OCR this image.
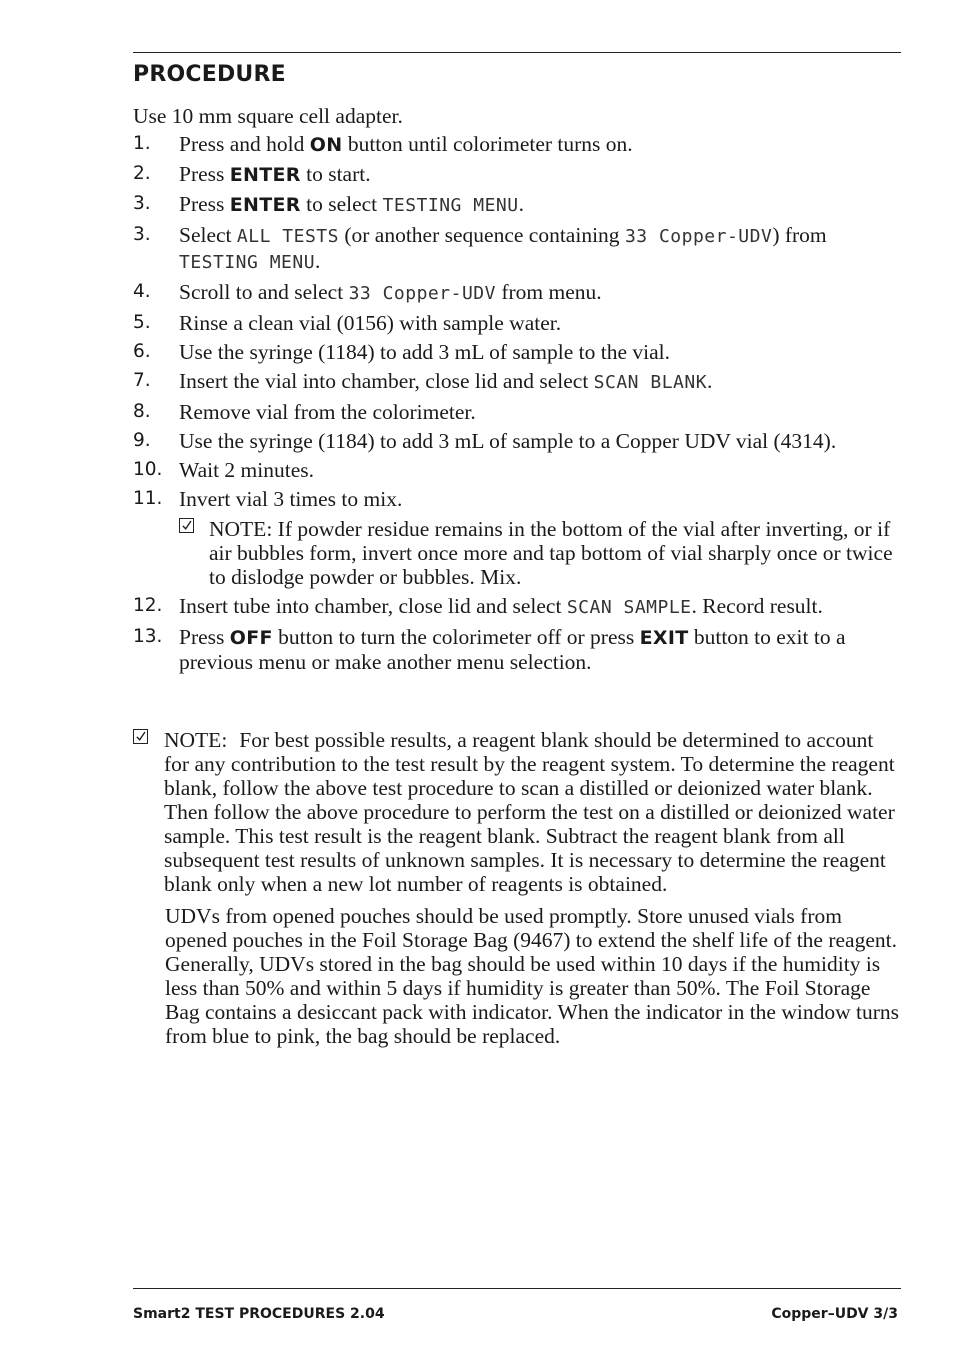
PROCEDURE

Use 10 mm square cell adapter.

1. Press and hold ON button until colorimeter turns on.
2. Press ENTER to start.
3. Press ENTER to select TESTING MENU.
3. Select ALL TESTS (or another sequence containing 33 Copper-UDV) from TESTING MENU.
4. Scroll to and select 33 Copper-UDV from menu.
5. Rinse a clean vial (0156) with sample water.
6. Use the syringe (1184) to add 3 mL of sample to the vial.
7. Insert the vial into chamber, close lid and select SCAN BLANK.
8. Remove vial from the colorimeter.
9. Use the syringe (1184) to add 3 mL of sample to a Copper UDV vial (4314).
10. Wait 2 minutes.
11. Invert vial 3 times to mix.
NOTE: If powder residue remains in the bottom of the vial after inverting, or if air bubbles form, invert once more and tap bottom of vial sharply once or twice to dislodge powder or bubbles. Mix.
12. Insert tube into chamber, close lid and select SCAN SAMPLE. Record result.
13. Press OFF button to turn the colorimeter off or press EXIT button to exit to a previous menu or make another menu selection.

NOTE: For best possible results, a reagent blank should be determined to account for any contribution to the test result by the reagent system. To determine the reagent blank, follow the above test procedure to scan a distilled or deionized water blank. Then follow the above procedure to perform the test on a distilled or deionized water sample. This test result is the reagent blank. Subtract the reagent blank from all subsequent test results of unknown samples. It is necessary to determine the reagent blank only when a new lot number of reagents is obtained.

UDVs from opened pouches should be used promptly. Store unused vials from opened pouches in the Foil Storage Bag (9467) to extend the shelf life of the reagent. Generally, UDVs stored in the bag should be used within 10 days if the humidity is less than 50% and within 5 days if humidity is greater than 50%. The Foil Storage Bag contains a desiccant pack with indicator. When the indicator in the window turns from blue to pink, the bag should be replaced.

Smart2 TEST PROCEDURES 2.04	Copper–UDV 3/3
